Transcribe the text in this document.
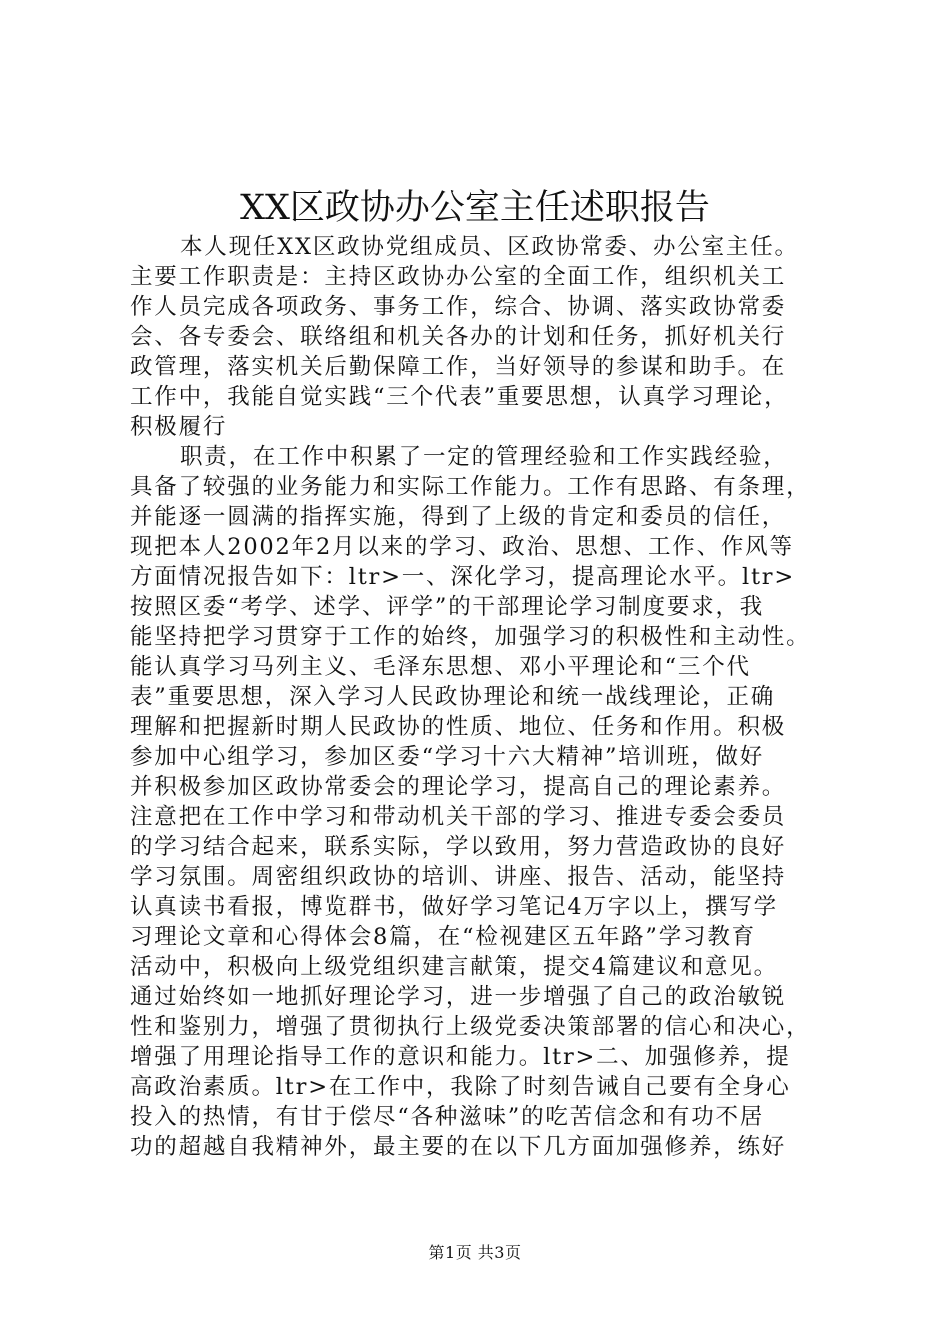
XX区政协办公室主任述职报告
本人现任XX区政协党组成员、区政协常委、办公室主任。
主要工作职责是：主持区政协办公室的全面工作，组织机关工
作人员完成各项政务、事务工作，综合、协调、落实政协常委
会、各专委会、联络组和机关各办的计划和任务，抓好机关行
政管理，落实机关后勤保障工作，当好领导的参谋和助手。在
工作中，我能自觉实践“三个代表”重要思想，认真学习理论，
积极履行
职责，在工作中积累了一定的管理经验和工作实践经验，
具备了较强的业务能力和实际工作能力。工作有思路、有条理，
并能逐一圆满的指挥实施，得到了上级的肯定和委员的信任，
现把本人2002年2月以来的学习、政治、思想、工作、作风等
方面情况报告如下：ltr>一、深化学习，提高理论水平。ltr>
按照区委“考学、述学、评学”的干部理论学习制度要求，我
能坚持把学习贯穿于工作的始终，加强学习的积极性和主动性。
能认真学习马列主义、毛泽东思想、邓小平理论和“三个代
表”重要思想，深入学习人民政协理论和统一战线理论，正确
理解和把握新时期人民政协的性质、地位、任务和作用。积极
参加中心组学习，参加区委“学习十六大精神”培训班，做好
并积极参加区政协常委会的理论学习，提高自己的理论素养。
注意把在工作中学习和带动机关干部的学习、推进专委会委员
的学习结合起来，联系实际，学以致用，努力营造政协的良好
学习氛围。周密组织政协的培训、讲座、报告、活动，能坚持
认真读书看报，博览群书，做好学习笔记4万字以上，撰写学
习理论文章和心得体会8篇，在“检视建区五年路”学习教育
活动中，积极向上级党组织建言献策，提交4篇建议和意见。
通过始终如一地抓好理论学习，进一步增强了自己的政治敏锐
性和鉴别力，增强了贯彻执行上级党委决策部署的信心和决心，
增强了用理论指导工作的意识和能力。ltr>二、加强修养，提
高政治素质。ltr>在工作中，我除了时刻告诫自己要有全身心
投入的热情，有甘于偿尽“各种滋味”的吃苦信念和有功不居
功的超越自我精神外，最主要的在以下几方面加强修养，练好
第1页 共3页
